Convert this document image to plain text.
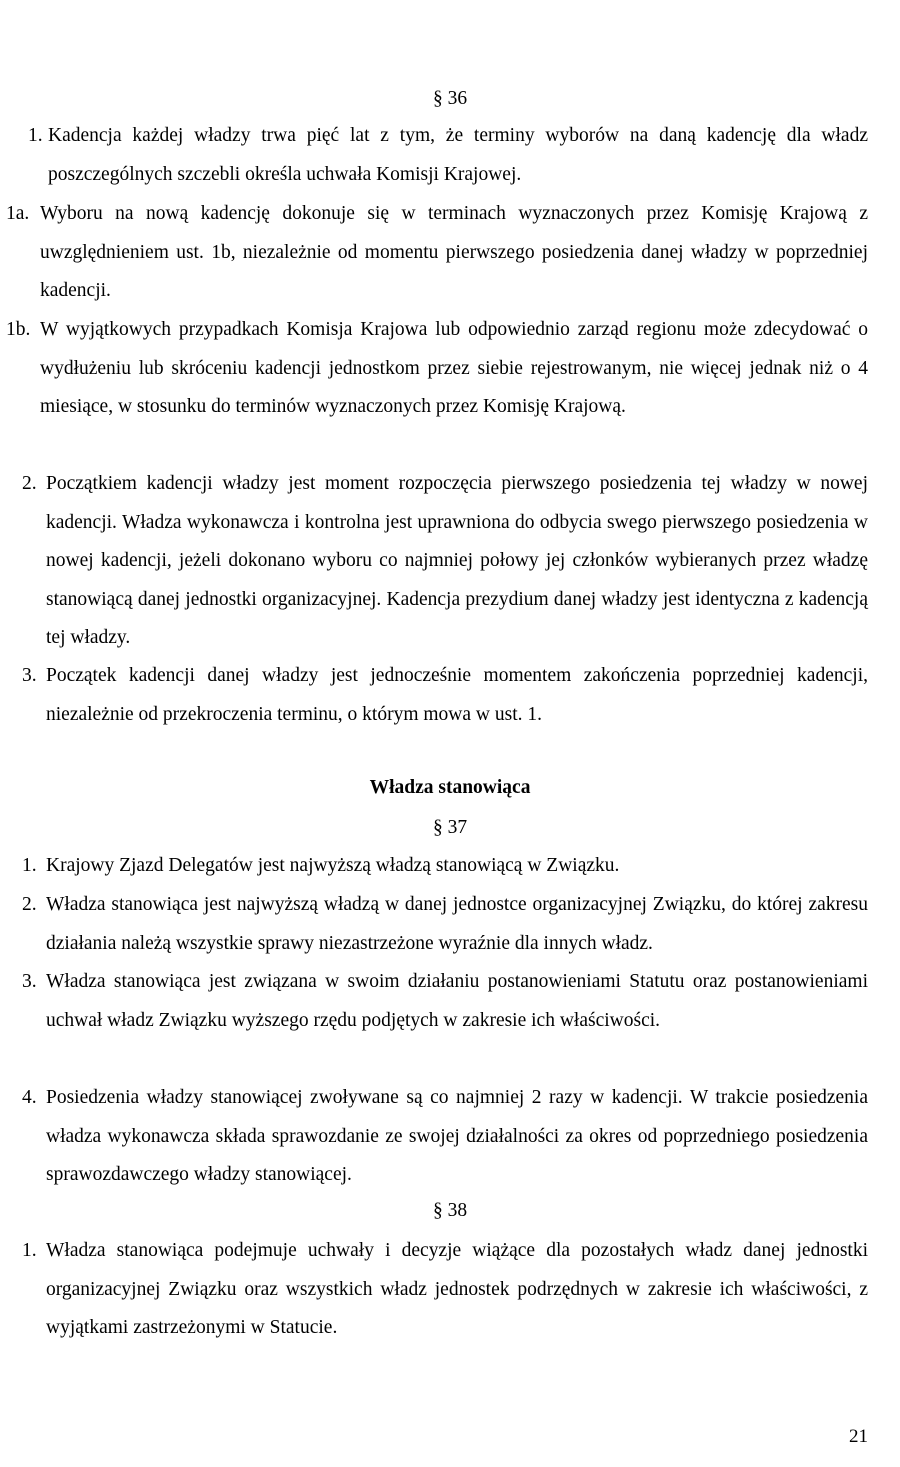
§ 36
1. Kadencja każdej władzy trwa pięć lat z tym, że terminy wyborów na daną kadencję dla władz poszczególnych szczebli określa uchwała Komisji Krajowej.
1a. Wyboru na nową kadencję dokonuje się w terminach wyznaczonych przez Komisję Krajową z uwzględnieniem ust. 1b, niezależnie od momentu pierwszego posiedzenia danej władzy w poprzedniej kadencji.
1b. W wyjątkowych przypadkach Komisja Krajowa lub odpowiednio zarząd regionu może zdecydować o wydłużeniu lub skróceniu kadencji jednostkom przez siebie rejestrowanym, nie więcej jednak niż o 4 miesiące, w stosunku do terminów wyznaczonych przez Komisję Krajową.
2. Początkiem kadencji władzy jest moment rozpoczęcia pierwszego posiedzenia tej władzy w nowej kadencji. Władza wykonawcza i kontrolna jest uprawniona do odbycia swego pierwszego posiedzenia w nowej kadencji, jeżeli dokonano wyboru co najmniej połowy jej członków wybieranych przez władzę stanowiącą danej jednostki organizacyjnej. Kadencja prezydium danej władzy jest identyczna z kadencją tej władzy.
3. Początek kadencji danej władzy jest jednocześnie momentem zakończenia poprzedniej kadencji, niezależnie od przekroczenia terminu, o którym mowa w ust. 1.
Władza stanowiąca
§ 37
1. Krajowy Zjazd Delegatów jest najwyższą władzą stanowiącą w Związku.
2. Władza stanowiąca jest najwyższą władzą w danej jednostce organizacyjnej Związku, do której zakresu działania należą wszystkie sprawy niezastrzeżone wyraźnie dla innych władz.
3. Władza stanowiąca jest związana w swoim działaniu postanowieniami Statutu oraz postanowieniami uchwał władz Związku wyższego rzędu podjętych w zakresie ich właściwości.
4. Posiedzenia władzy stanowiącej zwoływane są co najmniej 2 razy w kadencji. W trakcie posiedzenia władza wykonawcza składa sprawozdanie ze swojej działalności za okres od poprzedniego posiedzenia sprawozdawczego władzy stanowiącej.
§ 38
1. Władza stanowiąca podejmuje uchwały i decyzje wiążące dla pozostałych władz danej jednostki organizacyjnej Związku oraz wszystkich władz jednostek podrzędnych w zakresie ich właściwości, z wyjątkami zastrzeżonymi w Statucie.
21
